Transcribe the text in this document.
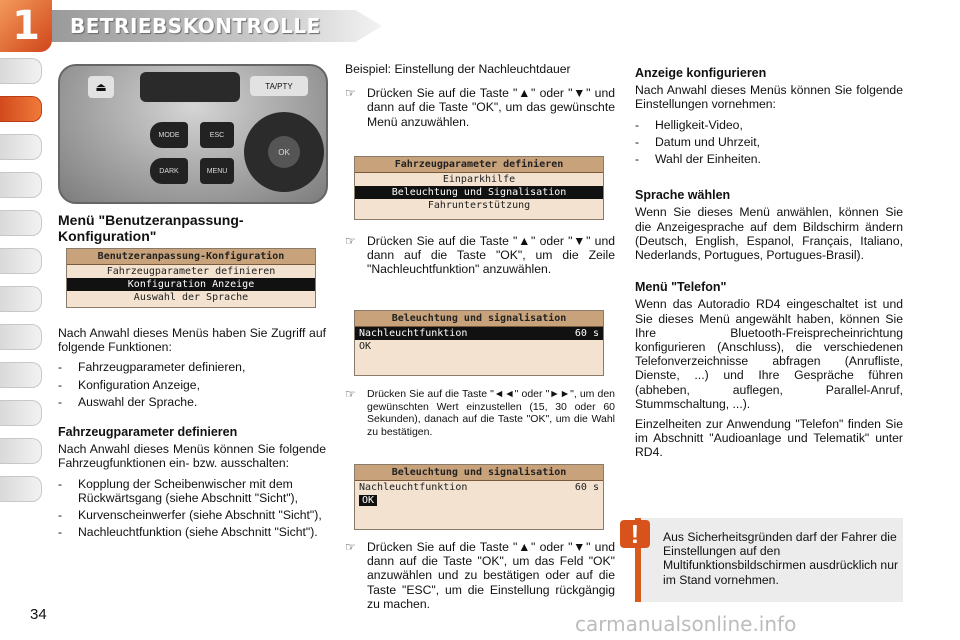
1	BETRIEBSKONTROLLE
⏏	TA/PTY
MODE
DARK
ESC
MENU
OK
Menü "Benutzeranpassung-Konfiguration"
Benutzeranpassung-Konfiguration
Fahrzeugparameter definieren
Konfiguration Anzeige
Auswahl der Sprache

Nach Anwahl dieses Menüs haben Sie Zugriff auf folgende Funktionen:

-	Fahrzeugparameter definieren,
-	Konfiguration Anzeige,
-	Auswahl der Sprache.
Fahrzeugparameter definieren

Nach Anwahl dieses Menüs können Sie folgende Fahrzeugfunktionen ein- bzw. ausschalten:

-	Kopplung der Scheibenwischer mit dem Rückwärtsgang (siehe Abschnitt "Sicht"),
-	Kurvenscheinwerfer (siehe Abschnitt "Sicht"),
-	Nachleuchtfunktion (siehe Abschnitt "Sicht").

Beispiel: Einstellung der Nachleuchtdauer

☞ Drücken Sie auf die Taste "▲" oder "▼" und dann auf die Taste "OK", um das gewünschte Menü anzuwählen.
Fahrzeugparameter definieren
Einparkhilfe
Beleuchtung und Signalisation
Fahrunterstützung
☞ Drücken Sie auf die Taste "▲" oder "▼" und dann auf die Taste "OK", um die Zeile "Nachleuchtfunktion" anzuwählen.
Beleuchtung und signalisation
Nachleuchtfunktion	60 s
OK
☞	Drücken Sie auf die Taste "◄◄" oder "►►", um den gewünschten Wert einzustellen (15, 30 oder 60 Sekunden), danach auf die Taste "OK", um die Wahl zu bestätigen.
Beleuchtung und signalisation
Nachleuchtfunktion	60 s
OK
☞ Drücken Sie auf die Taste "▲" oder "▼" und dann auf die Taste "OK", um das Feld "OK" anzuwählen und zu bestätigen oder auf die Taste "ESC", um die Einstellung rückgängig zu machen.
Anzeige konfigurieren

Nach Anwahl dieses Menüs können Sie folgende Einstellungen vornehmen:

-	Helligkeit-Video,
-	Datum und Uhrzeit,
-	Wahl der Einheiten.
Sprache wählen

Wenn Sie dieses Menü anwählen, können Sie die Anzeigesprache auf dem Bildschirm ändern (Deutsch, English, Espanol, Français, Italiano, Nederlands, Portugues, Portugues-Brasil).

Menü "Telefon"

Wenn das Autoradio RD4 eingeschaltet ist und Sie dieses Menü angewählt haben, können Sie Ihre Bluetooth-Freisprecheinrichtung konfigurieren (Anschluss), die verschiedenen Telefonverzeichnisse abfragen (Anrufliste, Dienste, ...) und Ihre Gespräche führen (abheben, auflegen, Parallel-Anruf, Stummschaltung, ...).

Einzelheiten zur Anwendung "Telefon" finden Sie im Abschnitt "Audioanlage und Telematik" unter RD4.

Aus Sicherheitsgründen darf der Fahrer die Einstellungen auf den Multifunktionsbildschirmen ausdrücklich nur im Stand vornehmen.
!
34	carmanualsonline.info
